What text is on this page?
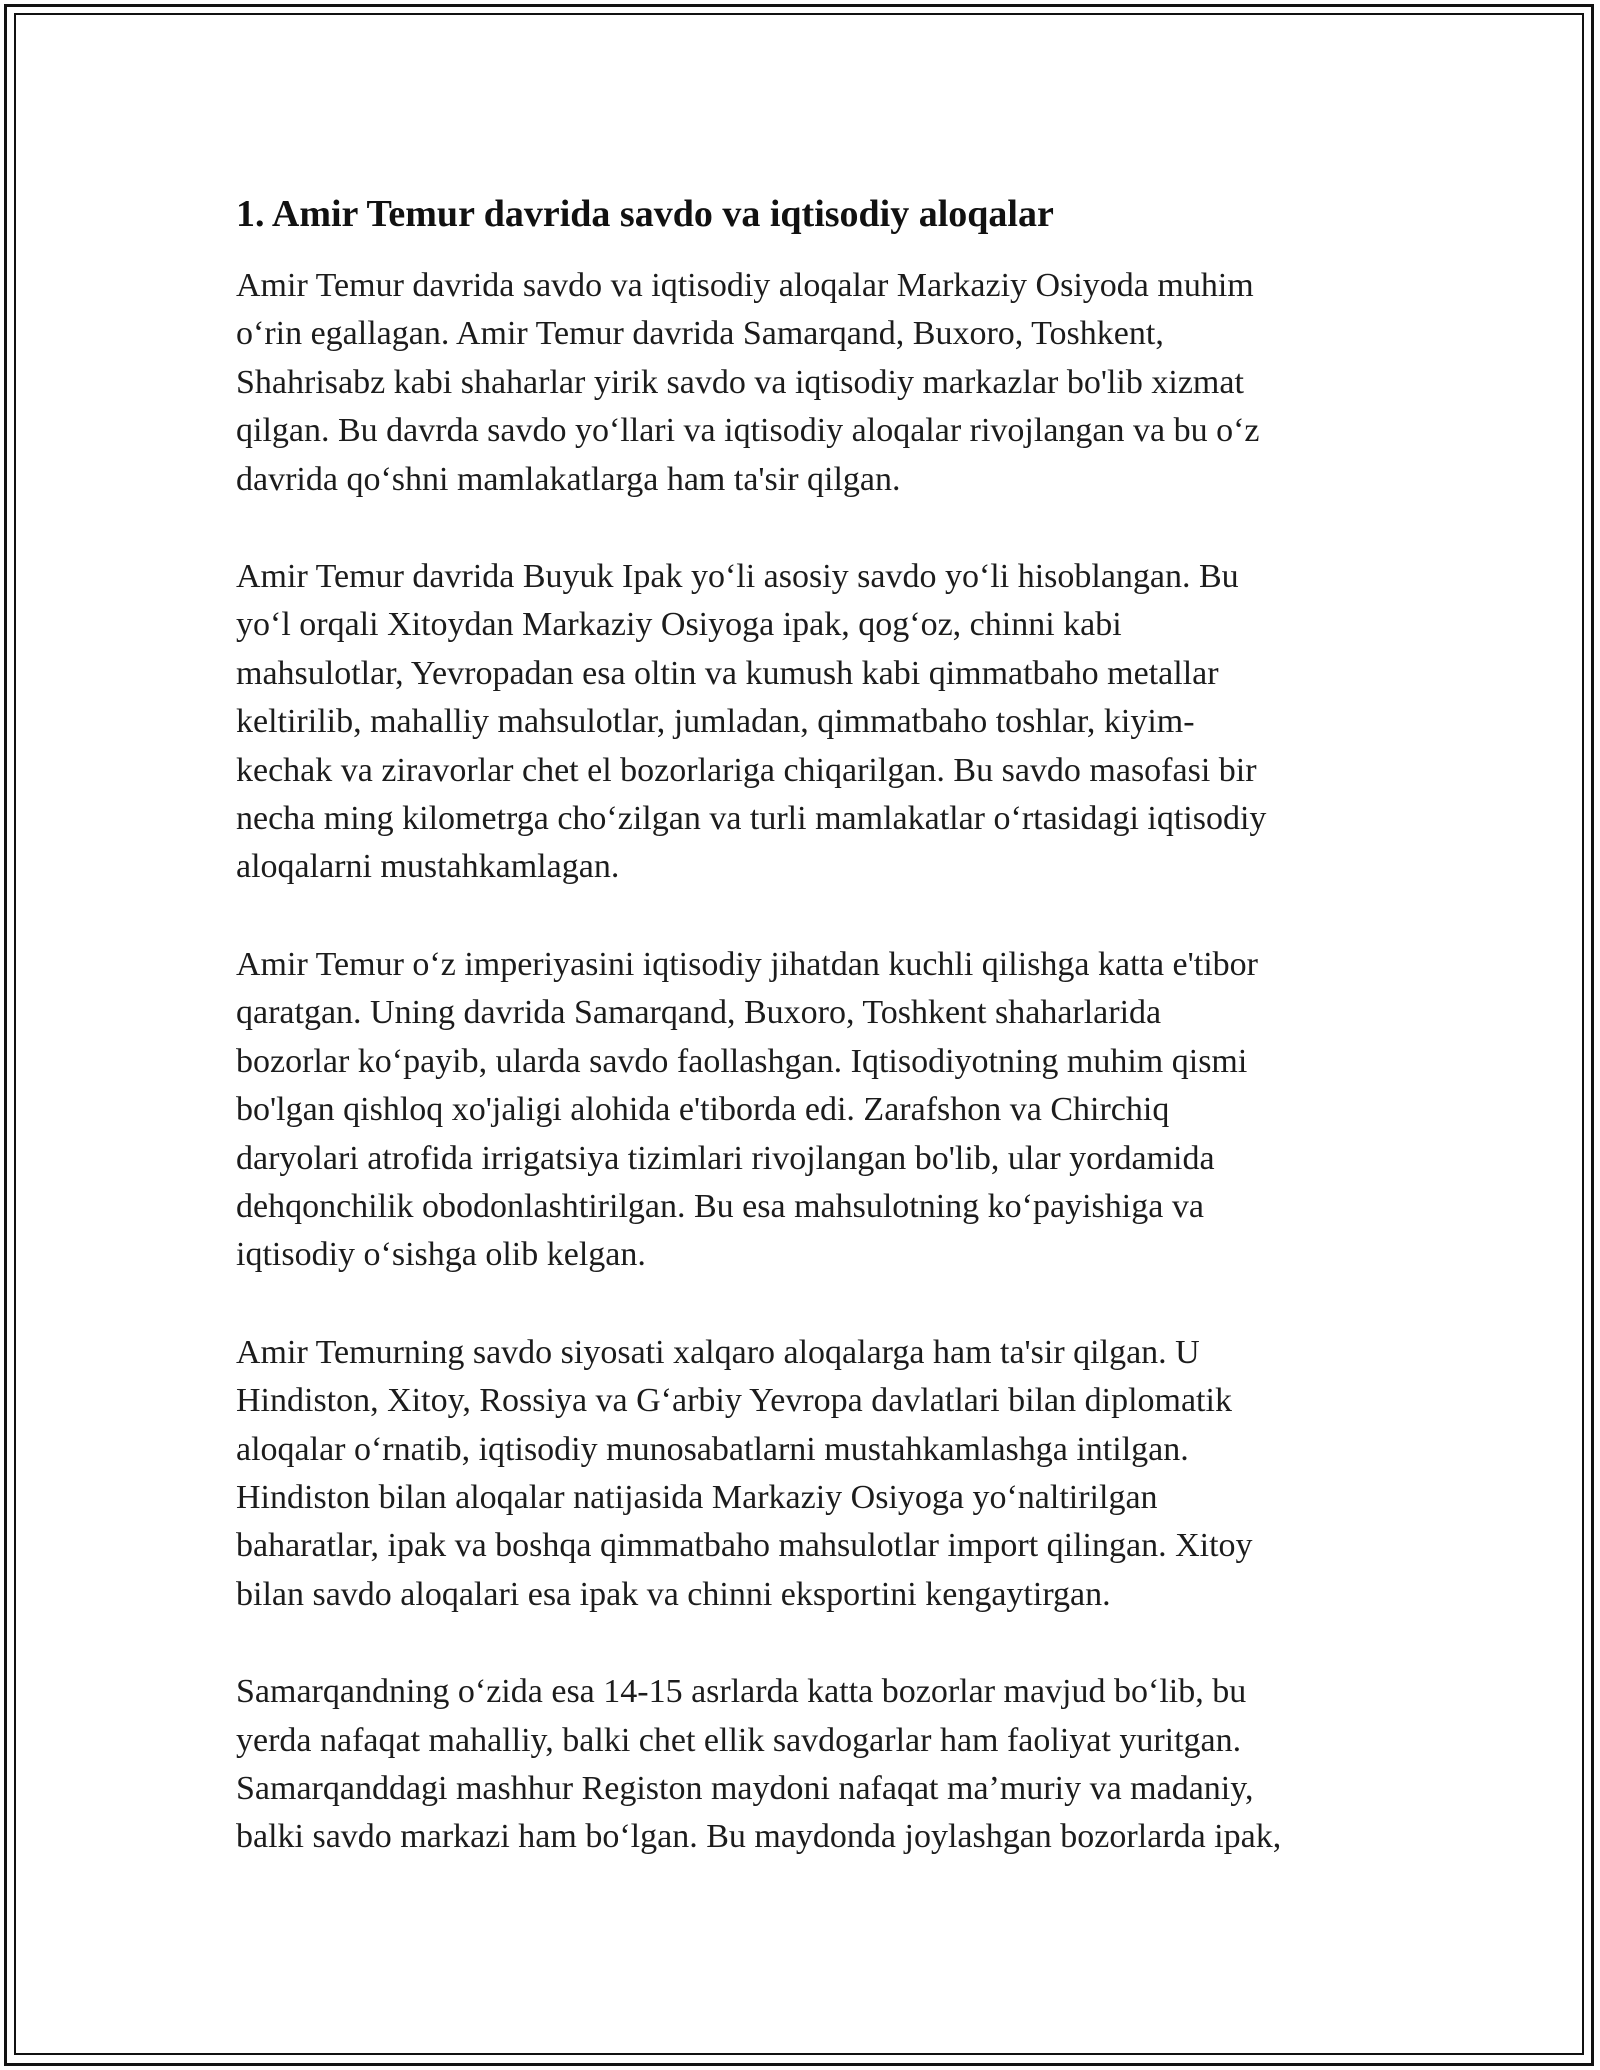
1. Amir Temur davrida savdo va iqtisodiy aloqalar

Amir Temur davrida savdo va iqtisodiy aloqalar Markaziy Osiyoda muhim
o‘rin egallagan. Amir Temur davrida Samarqand, Buxoro, Toshkent,
Shahrisabz kabi shaharlar yirik savdo va iqtisodiy markazlar bo'lib xizmat
qilgan. Bu davrda savdo yo‘llari va iqtisodiy aloqalar rivojlangan va bu o‘z
davrida qo‘shni mamlakatlarga ham ta'sir qilgan.

Amir Temur davrida Buyuk Ipak yo‘li asosiy savdo yo‘li hisoblangan. Bu
yo‘l orqali Xitoydan Markaziy Osiyoga ipak, qog‘oz, chinni kabi
mahsulotlar, Yevropadan esa oltin va kumush kabi qimmatbaho metallar
keltirilib, mahalliy mahsulotlar, jumladan, qimmatbaho toshlar, kiyim-
kechak va ziravorlar chet el bozorlariga chiqarilgan. Bu savdo masofasi bir
necha ming kilometrga cho‘zilgan va turli mamlakatlar o‘rtasidagi iqtisodiy
aloqalarni mustahkamlagan.

Amir Temur o‘z imperiyasini iqtisodiy jihatdan kuchli qilishga katta e'tibor
qaratgan. Uning davrida Samarqand, Buxoro, Toshkent shaharlarida
bozorlar ko‘payib, ularda savdo faollashgan. Iqtisodiyotning muhim qismi
bo'lgan qishloq xo'jaligi alohida e'tiborda edi. Zarafshon va Chirchiq
daryolari atrofida irrigatsiya tizimlari rivojlangan bo'lib, ular yordamida
dehqonchilik obodonlashtirilgan. Bu esa mahsulotning ko‘payishiga va
iqtisodiy o‘sishga olib kelgan.

Amir Temurning savdo siyosati xalqaro aloqalarga ham ta'sir qilgan. U
Hindiston, Xitoy, Rossiya va G‘arbiy Yevropa davlatlari bilan diplomatik
aloqalar o‘rnatib, iqtisodiy munosabatlarni mustahkamlashga intilgan.
Hindiston bilan aloqalar natijasida Markaziy Osiyoga yo‘naltirilgan
baharatlar, ipak va boshqa qimmatbaho mahsulotlar import qilingan. Xitoy
bilan savdo aloqalari esa ipak va chinni eksportini kengaytirgan.

Samarqandning o‘zida esa 14-15 asrlarda katta bozorlar mavjud bo‘lib, bu
yerda nafaqat mahalliy, balki chet ellik savdogarlar ham faoliyat yuritgan.
Samarqanddagi mashhur Registon maydoni nafaqat ma’muriy va madaniy,
balki savdo markazi ham bo‘lgan. Bu maydonda joylashgan bozorlarda ipak,
